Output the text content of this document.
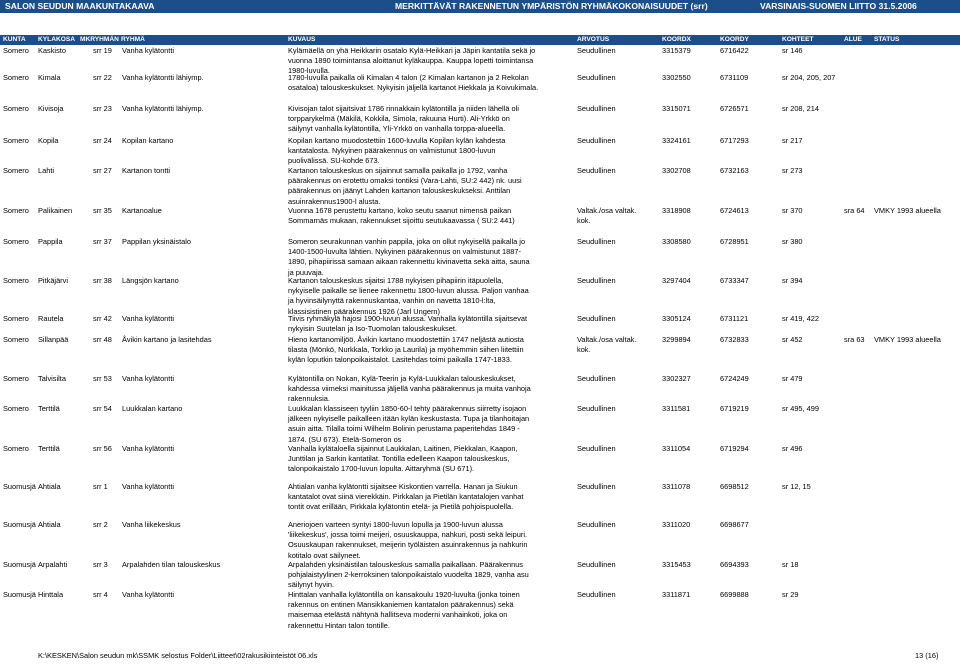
SALON SEUDUN MAAKUNTAKAAVA	MERKITTÄVÄT RAKENNETUN YMPÄRISTÖN RYHMÄKOKONAISUUDET (srr)	VARSINAIS-SUOMEN LIITTO 31.5.2006
KUNTA	KYLAKOSA MKRYHMÄN RYHMÄ	KUVAUS	ARVOTUS	KOORDX	KOORDY	KOHTEET	ALUE	STATUS
Somero	Kaskisto	srr 19	Vanha kylätontti	Kylämäellä on yhä Heikkarin osatalo Kylä-Heikkari ja Jäpin kantatila sekä jo
vuonna 1890 toimintansa aloittanut kyläkauppa. Kauppa lopetti toimintansa
1980-luvulla.
Seudullinen	3315379	6716422	sr 146
Somero	Kimala	srr 22	Vanha kylätontti lähiymp.	1780-luvulla paikalla oli Kimalan 4 talon (2 Kimalan kartanon ja 2 Rekolan
osataloa) talouskeskukset. Nykyisin jäljellä kartanot Hiekkala ja Koivukimala.
Seudullinen	3302550	6731109	sr 204, 205, 207
Somero	Kivisoja	srr 23	Vanha kylätontti lähiymp.	Kivisojan talot sijaitsivat 1786 rinnakkain kylätontilla ja niiden lähellä oli
torpparykelmä (Mäkilä, Kokkila, Simola, rakuuna Hurti). Ali-Yrkkö on
säilynyt vanhalla kylätontilla, Yli-Yrkkö on vanhalla torppa-alueella.
Seudullinen	3315071	6726571	sr 208, 214
Somero	Kopila	srr 24	Kopilan kartano	Kopilan kartano muodostettiin 1600-luvulla Kopilan kylän kahdesta
kantatalosta. Nykyinen päärakennus on valmistunut 1800-luvun
puolivälissä. SU-kohde 673.
Seudullinen	3324161	6717293	sr 217
Somero	Lahti	srr 27	Kartanon tontti	Kartanon talouskeskus on sijainnut samalla paikalla jo 1792, vanha
päärakennus on erotettu omaksi tontiksi (Vara-Lahti, SU:2 442) nk. uusi
päärakennus on jäänyt Lahden kartanon talouskeskukseksi. Anttilan
asuinrakennus1900-l alusta.
Seudullinen	3302708	6732163	sr 273
Somero	Palikainen	srr 35	Kartanoalue	Vuonna 1678 perustettu kartano, koko seutu saanut nimensä paikan
Sommarnäs mukaan, rakennukset sijoittu seutukaavassa ( SU:2 441)
Valtak./osa valtak.
kok.
3318908	6724613	sr 370	sra 64	VMKY 1993 alueella
Somero	Pappila	srr 37	Pappilan yksinäistalo	Someron seurakunnan vanhin pappila, joka on ollut nykyisellä paikalla jo
1400-1500-luvulta lähtien. Nykyinen päärakennus on valmistunut 1887-
1890, pihapiirissä samaan aikaan rakennettu kivinavetta sekä aitta, sauna
ja puuvaja.
Seudullinen	3308580	6728951	sr 380
Somero	Pitkäjärvi	srr 38	Längsjön kartano	Kartanon talouskeskus sijaitsi 1788 nykyisen pihapiirin itäpuolella,
nykyiselle paikalle se lienee rakennettu 1800-luvun alussa. Paljon vanhaa
ja hyvinsäilynyttä rakennuskantaa, vanhin on navetta 1810-l:lta,
klassisistinen päärakennus 1926 (Jarl Ungern)
Seudullinen	3297404	6733347	sr 394
Somero	Rautela	srr 42	Vanha kylätontti	Tiivis ryhmäkylä hajosi 1900-luvun alussa. Vanhalla kylätontilla sijaitsevat
nykyisin Suutelan ja Iso-Tuomolan talouskeskukset.
Seudullinen	3305124	6731121	sr 419, 422
Somero	Sillanpää	srr 48	Åvikin kartano ja lasitehdas	Hieno kartanomiljöö. Åvikin kartano muodostettiin 1747 neljästä autiosta
tilasta (Mönkö, Nurkkala, Torkko ja Laurila) ja myöhemmin siihen liitettiin
kylän loputkin talonpoikaistalot. Lasitehdas toimi paikalla 1747-1833.
Valtak./osa valtak.
kok.
3299894	6732833	sr 452	sra 63	VMKY 1993 alueella
Somero	Talvisilta	srr 53	Vanha kylätontti	Kylätontilla on Nokan, Kylä-Teerin ja Kylä-Luukkalan talouskeskukset,
kahdessa viimeksi mainitussa jäljellä vanha päärakennus ja muita vanhoja
rakennuksia.
Seudullinen	3302327	6724249	sr 479
Somero	Terttilä	srr 54	Luukkalan kartano	Luukkalan klassiseen tyyliin 1850-60-l tehty päärakennus siirretty isojaon
jälkeen nykyiselle paikalleen itään kylän keskustasta. Tupa ja tilanhoitajan
asuin aitta. Tilalla toimi Wilhelm Bolinin perustama paperitehdas 1849 -
1874. (SU 673). Etelä-Someron os
Seudullinen	3311581	6719219	sr 495, 499
Somero	Terttilä	srr 56	Vanha kylätontti	Vanhalla kylätaloella sijainnut Laukkalan, Laitinen, Piekkalan, Kaapon,
Junttilan ja Sarkin kantatilat. Tontilla edelleen Kaapon talouskeskus,
talonpoikaistalo 1700-luvun lopulta. Aittaryhmä (SU 671).
Seudullinen	3311054	6719294	sr 496
Suomusjä Ahtiala	srr 1	Vanha kylätontti	Ahtialan vanha kylätontti sijaitsee Kiskontien varrella. Hanan ja Siukun
kantatalot ovat siinä vierekkäin. Pirkkalan ja Pietilän kantatalojen vanhat
tontit ovat erillään, Pirkkala kylätontin etelä- ja Pietilä pohjoispuolella.
Seudullinen	3311078	6698512	sr 12, 15
Suomusjä Ahtiala	srr 2	Vanha liikekeskus	Aneriojoen varteen syntyi 1800-luvun lopulla ja 1900-luvun alussa
'liikekeskus', jossa toimi meijeri, osuuskauppa, nahkuri, posti sekä leipuri.
Osuuskaupan rakennukset, meijerin työläisten asuinrakennus ja nahkurin
kotitalo ovat säilyneet.
Seudullinen	3311020	6698677
Suomusjä Arpalahti	srr 3	Arpalahden tilan talouskeskus	Arpalahden yksinäistilan talouskeskus samalla paikallaan. Päärakennus
pohjalaistyylinen 2-kerroksinen talonpoikaistalo vuodelta 1829, vanha asu
säilynyt hyvin.
Seudullinen	3315453	6694393	sr 18
Suomusjä Hinttala	srr 4	Vanha kylätontti	Hinttalan vanhalla kylätontilla on kansakoulu 1920-luvulta (jonka toinen
rakennus on entinen Mansikkaniemen kantatalon päärakennus) sekä
maisemaa etelästä nähtynä hallitseva moderni vanhainkoti, joka on
rakennettu Hintan talon tontille.
Seudullinen	3311871	6699888	sr 29
K:\KESKEN\Salon seudun mk\SSMK selostus Folder\Liitteet\02rakusikiinteistöt 06.xls	13 (16)
